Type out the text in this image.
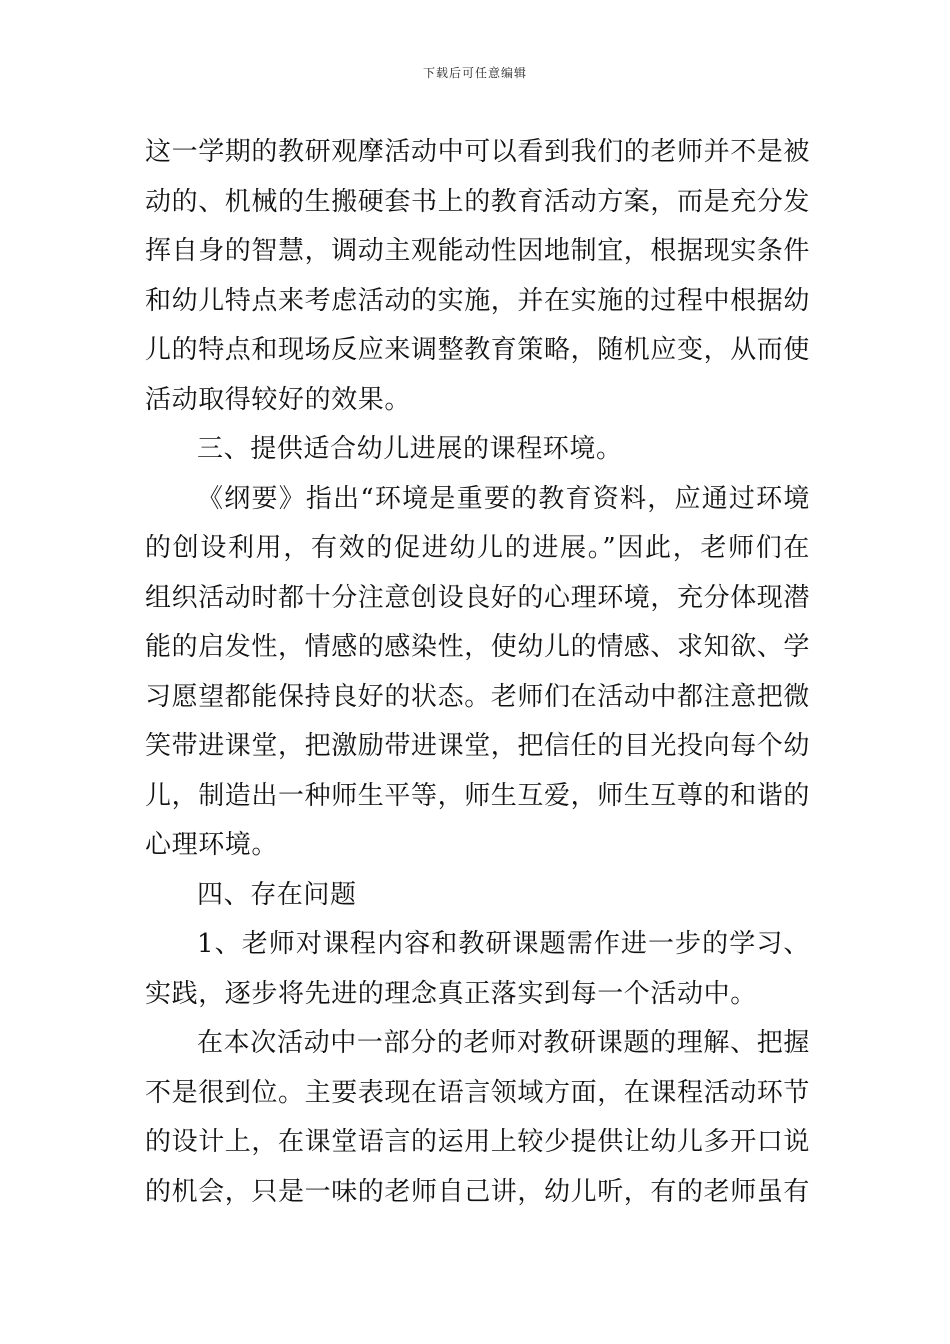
下载后可任意编辑

这一学期的教研观摩活动中可以看到我们的老师并不是被动的、机械的生搬硬套书上的教育活动方案，而是充分发挥自身的智慧，调动主观能动性因地制宜，根据现实条件和幼儿特点来考虑活动的实施，并在实施的过程中根据幼儿的特点和现场反应来调整教育策略，随机应变，从而使活动取得较好的效果。

三、提供适合幼儿进展的课程环境。

《纲要》指出“环境是重要的教育资料，应通过环境的创设利用，有效的促进幼儿的进展。”因此，老师们在组织活动时都十分注意创设良好的心理环境，充分体现潜能的启发性，情感的感染性，使幼儿的情感、求知欲、学习愿望都能保持良好的状态。老师们在活动中都注意把微笑带进课堂，把激励带进课堂，把信任的目光投向每个幼儿，制造出一种师生平等，师生互爱，师生互尊的和谐的心理环境。

四、存在问题

1、老师对课程内容和教研课题需作进一步的学习、实践，逐步将先进的理念真正落实到每一个活动中。

在本次活动中一部分的老师对教研课题的理解、把握不是很到位。主要表现在语言领域方面，在课程活动环节的设计上，在课堂语言的运用上较少提供让幼儿多开口说的机会，只是一味的老师自己讲，幼儿听，有的老师虽有
